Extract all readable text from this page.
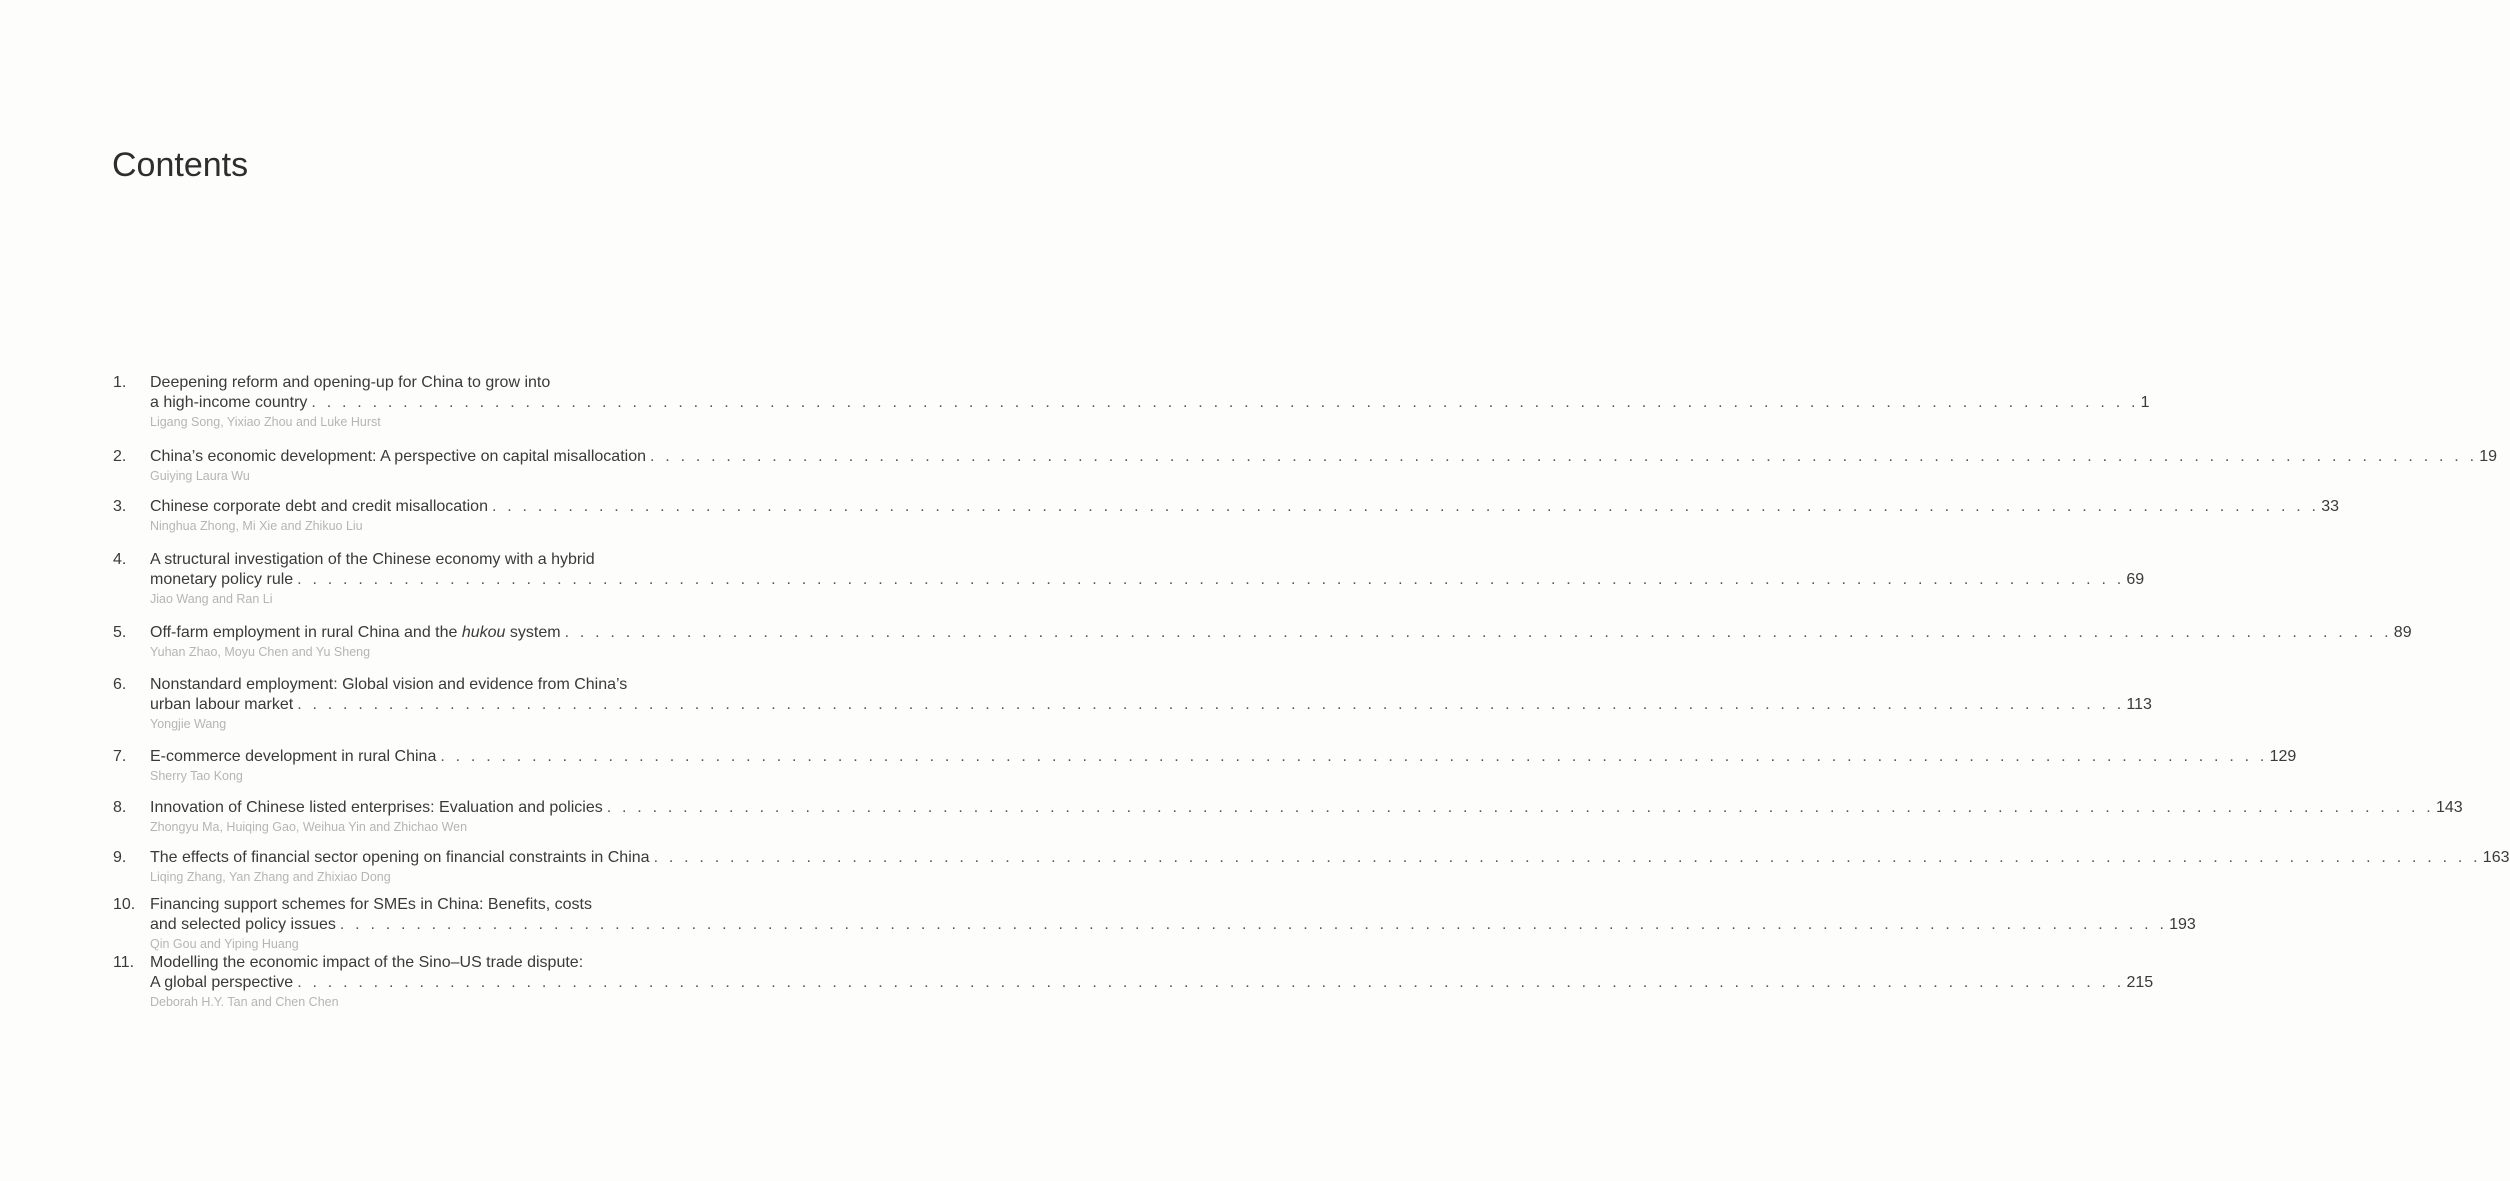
Contents
1.	Deepening reform and opening-up for China to grow into
a high-income country . . . . . . . . . . . . . . . . . . . . . . . . . . . . . . . . . . . . . . . . . . . . . . . . . . . . . . . . . . . . . . . . . . . . . . . . . . . . . . . . . . . . . . . . . . . . . . . . . . . . . . . . . . . . . . . . . . . . . . . . 1
Ligang Song, Yixiao Zhou and Luke Hurst
2.	China’s economic development: A perspective on capital misallocation . . . . . . . . . . . . . . . . . . . . . . . . . . . . . . . . . . . . . . . . . . . . . . . . . . . . . . . . . . . . . . . . . . . . . . . . . . . . . . . . . . . . . . . . . . . . . . . . . . . . . . . . . . . . . . . . . . . . . . . . 19
Guiying Laura Wu
3.	Chinese corporate debt and credit misallocation . . . . . . . . . . . . . . . . . . . . . . . . . . . . . . . . . . . . . . . . . . . . . . . . . . . . . . . . . . . . . . . . . . . . . . . . . . . . . . . . . . . . . . . . . . . . . . . . . . . . . . . . . . . . . . . . . . . . . . . . 33
Ninghua Zhong, Mi Xie and Zhikuo Liu
4.	A structural investigation of the Chinese economy with a hybrid
monetary policy rule . . . . . . . . . . . . . . . . . . . . . . . . . . . . . . . . . . . . . . . . . . . . . . . . . . . . . . . . . . . . . . . . . . . . . . . . . . . . . . . . . . . . . . . . . . . . . . . . . . . . . . . . . . . . . . . . . . . . . . . . 69
Jiao Wang and Ran Li
5.	Off-farm employment in rural China and the hukou system . . . . . . . . . . . . . . . . . . . . . . . . . . . . . . . . . . . . . . . . . . . . . . . . . . . . . . . . . . . . . . . . . . . . . . . . . . . . . . . . . . . . . . . . . . . . . . . . . . . . . . . . . . . . . . . . . . . . . . . . 89
Yuhan Zhao, Moyu Chen and Yu Sheng
6.	Nonstandard employment: Global vision and evidence from China’s
urban labour market . . . . . . . . . . . . . . . . . . . . . . . . . . . . . . . . . . . . . . . . . . . . . . . . . . . . . . . . . . . . . . . . . . . . . . . . . . . . . . . . . . . . . . . . . . . . . . . . . . . . . . . . . . . . . . . . . . . . . . . . 113
Yongjie Wang
7.	E-commerce development in rural China . . . . . . . . . . . . . . . . . . . . . . . . . . . . . . . . . . . . . . . . . . . . . . . . . . . . . . . . . . . . . . . . . . . . . . . . . . . . . . . . . . . . . . . . . . . . . . . . . . . . . . . . . . . . . . . . . . . . . . . . 129
Sherry Tao Kong
8.	Innovation of Chinese listed enterprises: Evaluation and policies . . . . . . . . . . . . . . . . . . . . . . . . . . . . . . . . . . . . . . . . . . . . . . . . . . . . . . . . . . . . . . . . . . . . . . . . . . . . . . . . . . . . . . . . . . . . . . . . . . . . . . . . . . . . . . . . . . . . . . . . 143
Zhongyu Ma, Huiqing Gao, Weihua Yin and Zhichao Wen
9.	The effects of financial sector opening on financial constraints in China . . . . . . . . . . . . . . . . . . . . . . . . . . . . . . . . . . . . . . . . . . . . . . . . . . . . . . . . . . . . . . . . . . . . . . . . . . . . . . . . . . . . . . . . . . . . . . . . . . . . . . . . . . . . . . . . . . . . . . . . 163
Liqing Zhang, Yan Zhang and Zhixiao Dong
10. Financing support schemes for SMEs in China: Benefits, costs
and selected policy issues . . . . . . . . . . . . . . . . . . . . . . . . . . . . . . . . . . . . . . . . . . . . . . . . . . . . . . . . . . . . . . . . . . . . . . . . . . . . . . . . . . . . . . . . . . . . . . . . . . . . . . . . . . . . . . . . . . . . . . . . 193
Qin Gou and Yiping Huang
11. Modelling the economic impact of the Sino–US trade dispute:
A global perspective . . . . . . . . . . . . . . . . . . . . . . . . . . . . . . . . . . . . . . . . . . . . . . . . . . . . . . . . . . . . . . . . . . . . . . . . . . . . . . . . . . . . . . . . . . . . . . . . . . . . . . . . . . . . . . . . . . . . . . . . 215
Deborah H.Y. Tan and Chen Chen
